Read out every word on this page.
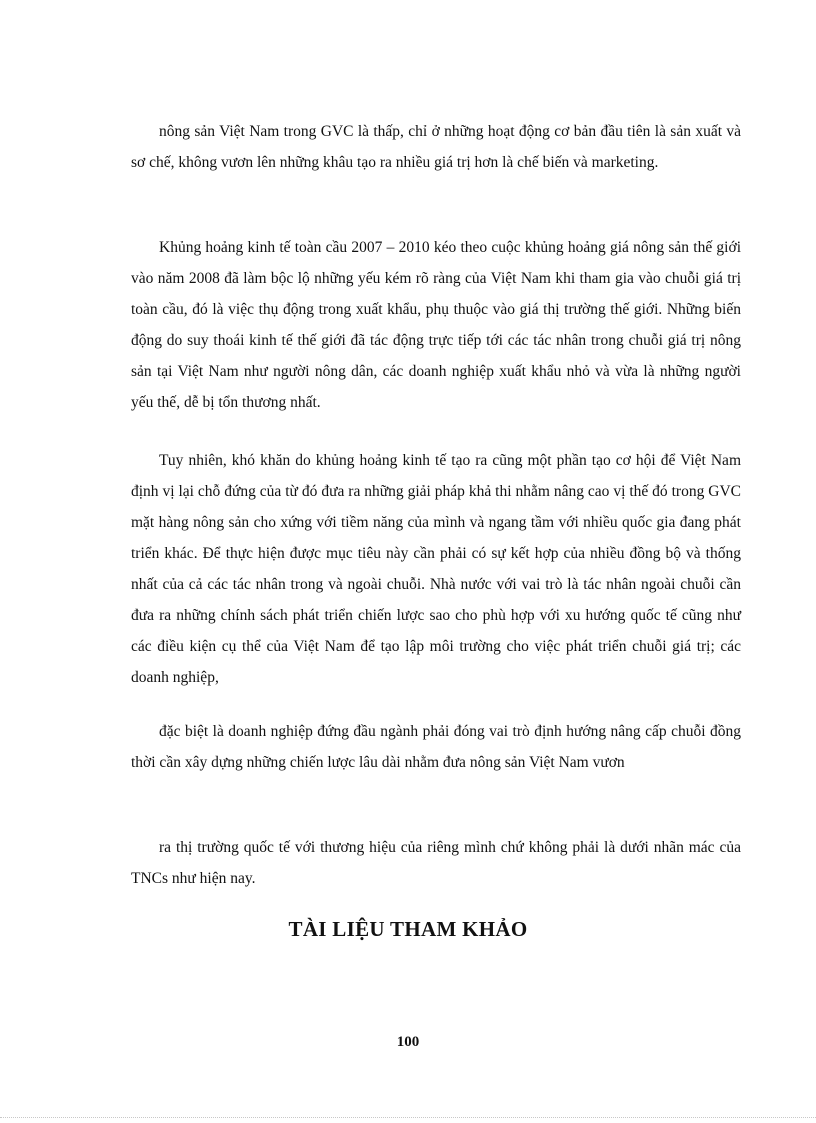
nông sản Việt Nam trong GVC là thấp, chỉ ở những hoạt động cơ bản đầu tiên là sản xuất và sơ chế, không vươn lên những khâu tạo ra nhiều giá trị hơn là chế biến và marketing.

Khủng hoảng kinh tế toàn cầu 2007 – 2010 kéo theo cuộc khủng hoảng giá nông sản thế giới vào năm 2008 đã làm bộc lộ những yếu kém rõ ràng của Việt Nam khi tham gia vào chuỗi giá trị toàn cầu, đó là việc thụ động trong xuất khẩu, phụ thuộc vào giá thị trường thế giới. Những biến động do suy thoái kinh tế thế giới đã tác động trực tiếp tới các tác nhân trong chuỗi giá trị nông sản tại Việt Nam như người nông dân, các doanh nghiệp xuất khẩu nhỏ và vừa là những người yếu thế, dễ bị tổn thương nhất.

Tuy nhiên, khó khăn do khủng hoảng kinh tế tạo ra cũng một phần tạo cơ hội để Việt Nam định vị lại chỗ đứng của từ đó đưa ra những giải pháp khả thi nhằm nâng cao vị thế đó trong GVC mặt hàng nông sản cho xứng với tiềm năng của mình và ngang tầm với nhiều quốc gia đang phát triển khác. Để thực hiện được mục tiêu này cần phải có sự kết hợp của nhiều đồng bộ và thống nhất của cả các tác nhân trong và ngoài chuỗi. Nhà nước với vai trò là tác nhân ngoài chuỗi cần đưa ra những chính sách phát triển chiến lược sao cho phù hợp với xu hướng quốc tế cũng như các điều kiện cụ thể của Việt Nam để tạo lập môi trường cho việc phát triển chuỗi giá trị; các doanh nghiệp,

đặc biệt là doanh nghiệp đứng đầu ngành phải đóng vai trò định hướng nâng cấp chuỗi đồng thời cần xây dựng những chiến lược lâu dài nhằm đưa nông sản Việt Nam vươn

ra thị trường quốc tế với thương hiệu của riêng mình chứ không phải là dưới nhãn mác của TNCs như hiện nay.

TÀI LIỆU THAM KHẢO
100
